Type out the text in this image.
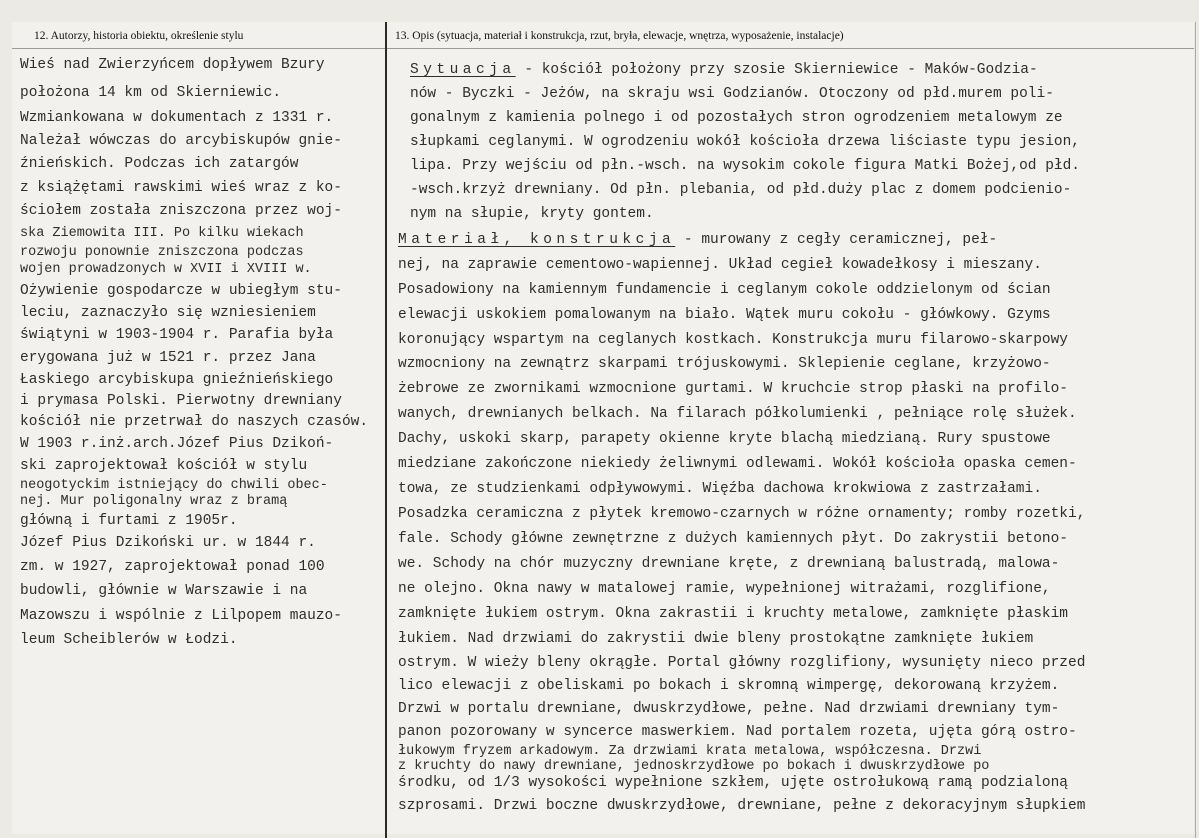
12. Autorzy, historia obiektu, określenie stylu	13. Opis (sytuacja, materiał i konstrukcja, rzut, bryła, elewacje, wnętrza, wyposażenie, instalacje)
Wieś nad Zwierzyńcem dopływem Bzury
położona 14 km od Skierniewic.
Wzmiankowana w dokumentach z 1331 r.
Należał wówczas do arcybiskupów gnie-
źnieńskich. Podczas ich zatargów
z książętami rawskimi wieś wraz z ko-
ściołem została zniszczona przez woj-
ska Ziemowita III. Po kilku wiekach
rozwoju ponownie zniszczona podczas
wojen prowadzonych w XVII i XVIII w.
Ożywienie gospodarcze w ubiegłym stu-
leciu, zaznaczyło się wzniesieniem
świątyni w 1903-1904 r. Parafia była
erygowana już w 1521 r. przez Jana
Łaskiego arcybiskupa gnieźnieńskiego
i prymasa Polski. Pierwotny drewniany
kościół nie przetrwał do naszych czasów.
W 1903 r.inż.arch.Józef Pius Dzikoń-
ski zaprojektował kościół w stylu
neogotyckim istniejący do chwili obec-
nej. Mur poligonalny wraz z bramą
główną i furtami z 1905r.
Józef Pius Dzikoński ur. w 1844 r.
zm. w 1927, zaprojektował ponad 100
budowli, głównie w Warszawie i na
Mazowszu i wspólnie z Lilpopem mauzo-
leum Scheiblerów w Łodzi.
Sytuacja - kościół położony przy szosie Skierniewice - Maków-Godzia-
nów - Byczki - Jeżów, na skraju wsi Godzianów. Otoczony od płd.murem poli-
gonalnym z kamienia polnego i od pozostałych stron ogrodzeniem metalowym ze
słupkami ceglanymi. W ogrodzeniu wokół kościoła drzewa liściaste typu jesion,
lipa. Przy wejściu od płn.-wsch. na wysokim cokole figura Matki Bożej,od płd.
-wsch.krzyż drewniany. Od płn. plebania, od płd.duży plac z domem podcienio-
nym na słupie, kryty gontem.
Materiał, konstrukcja - murowany z cegły ceramicznej, peł-
nej, na zaprawie cementowo-wapiennej. Układ cegieł kowadełkosy i mieszany.
Posadowiony na kamiennym fundamencie i ceglanym cokole oddzielonym od ścian
elewacji uskokiem pomalowanym na biało. Wątek muru cokołu - główkowy. Gzyms
koronujący wspartym na ceglanych kostkach. Konstrukcja muru filarowo-skarpowy
wzmocniony na zewnątrz skarpami trójuskowymi. Sklepienie ceglane, krzyżowo-
żebrowe ze zwornikami wzmocnione gurtami. W kruchcie strop płaski na profilo-
wanych, drewnianych belkach. Na filarach półkolumienki , pełniące rolę służek.
Dachy, uskoki skarp, parapety okienne kryte blachą miedzianą. Rury spustowe
miedziane zakończone niekiedy żeliwnymi odlewami. Wokół kościoła opaska cemen-
towa, ze studzienkami odpływowymi. Więźba dachowa krokwiowa z zastrzałami.
Posadzka ceramiczna z płytek kremowo-czarnych w różne ornamenty; romby rozetki,
fale. Schody główne zewnętrzne z dużych kamiennych płyt. Do zakrystii betono-
we. Schody na chór muzyczny drewniane kręte, z drewnianą balustradą, malowa-
ne olejno. Okna nawy w matalowej ramie, wypełnionej witrażami, rozglifione,
zamknięte łukiem ostrym. Okna zakrastii i kruchty metalowe, zamknięte płaskim
łukiem. Nad drzwiami do zakrystii dwie bleny prostokątne zamknięte łukiem
ostrym. W wieży bleny okrągłe. Portal główny rozglifiony, wysunięty nieco przed
lico elewacji z obeliskami po bokach i skromną wimpergę, dekorowaną krzyżem.
Drzwi w portalu drewniane, dwuskrzydłowe, pełne. Nad drzwiami drewniany tym-
panon pozorowany w syncerce maswerkiem. Nad portalem rozeta, ujęta górą ostro-
łukowym fryzem arkadowym. Za drzwiami krata metalowa, współczesna. Drzwi
z kruchty do nawy drewniane, jednoskrzydłowe po bokach i dwuskrzydłowe po
środku, od 1/3 wysokości wypełnione szkłem, ujęte ostrołukową ramą podzialoną
szprosami. Drzwi boczne dwuskrzydłowe, drewniane, pełne z dekoracyjnym słupkiem
